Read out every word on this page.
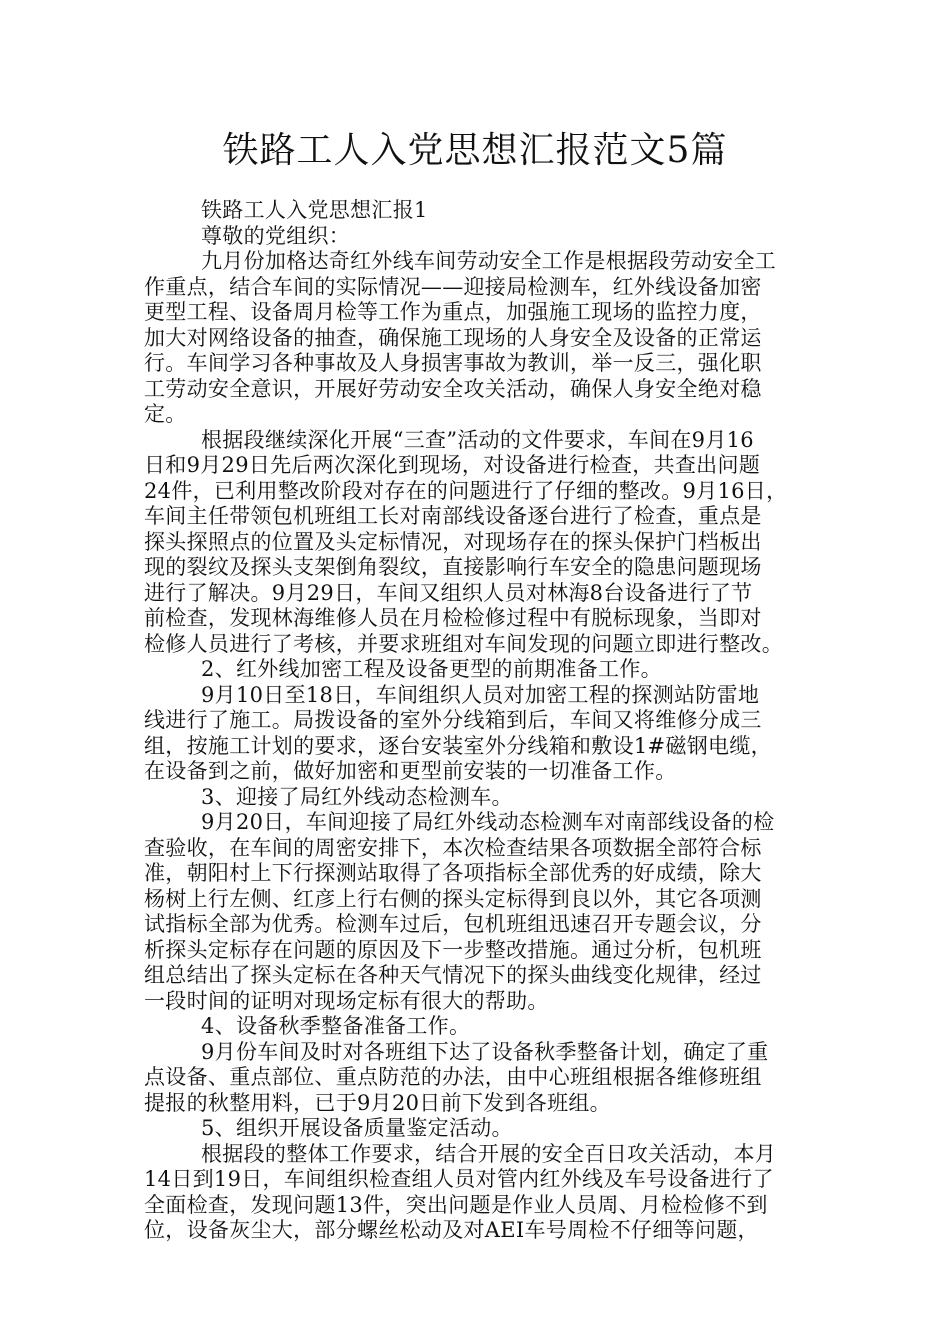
铁路工人入党思想汇报范文5篇
铁路工人入党思想汇报1
尊敬的党组织：
九月份加格达奇红外线车间劳动安全工作是根据段劳动安全工
作重点，结合车间的实际情况——迎接局检测车，红外线设备加密
更型工程、设备周月检等工作为重点，加强施工现场的监控力度，
加大对网络设备的抽查，确保施工现场的人身安全及设备的正常运
行。车间学习各种事故及人身损害事故为教训，举一反三，强化职
工劳动安全意识，开展好劳动安全攻关活动，确保人身安全绝对稳
定。
根据段继续深化开展“三查”活动的文件要求，车间在9月16
日和9月29日先后两次深化到现场，对设备进行检查，共查出问题
24件，已利用整改阶段对存在的问题进行了仔细的整改。9月16日，
车间主任带领包机班组工长对南部线设备逐台进行了检查，重点是
探头探照点的位置及头定标情况，对现场存在的探头保护门档板出
现的裂纹及探头支架倒角裂纹，直接影响行车安全的隐患问题现场
进行了解决。9月29日，车间又组织人员对林海8台设备进行了节
前检查，发现林海维修人员在月检检修过程中有脱标现象，当即对
检修人员进行了考核，并要求班组对车间发现的问题立即进行整改。
2、红外线加密工程及设备更型的前期准备工作。
9月10日至18日，车间组织人员对加密工程的探测站防雷地
线进行了施工。局拨设备的室外分线箱到后，车间又将维修分成三
组，按施工计划的要求，逐台安装室外分线箱和敷设1#磁钢电缆，
在设备到之前，做好加密和更型前安装的一切准备工作。
3、迎接了局红外线动态检测车。
9月20日，车间迎接了局红外线动态检测车对南部线设备的检
查验收，在车间的周密安排下，本次检查结果各项数据全部符合标
准，朝阳村上下行探测站取得了各项指标全部优秀的好成绩，除大
杨树上行左侧、红彦上行右侧的探头定标得到良以外，其它各项测
试指标全部为优秀。检测车过后，包机班组迅速召开专题会议，分
析探头定标存在问题的原因及下一步整改措施。通过分析，包机班
组总结出了探头定标在各种天气情况下的探头曲线变化规律，经过
一段时间的证明对现场定标有很大的帮助。
4、设备秋季整备准备工作。
9月份车间及时对各班组下达了设备秋季整备计划，确定了重
点设备、重点部位、重点防范的办法，由中心班组根据各维修班组
提报的秋整用料，已于9月20日前下发到各班组。
5、组织开展设备质量鉴定活动。
根据段的整体工作要求，结合开展的安全百日攻关活动，本月
14日到19日，车间组织检查组人员对管内红外线及车号设备进行了
全面检查，发现问题13件，突出问题是作业人员周、月检检修不到
位，设备灰尘大，部分螺丝松动及对AEI车号周检不仔细等问题，
